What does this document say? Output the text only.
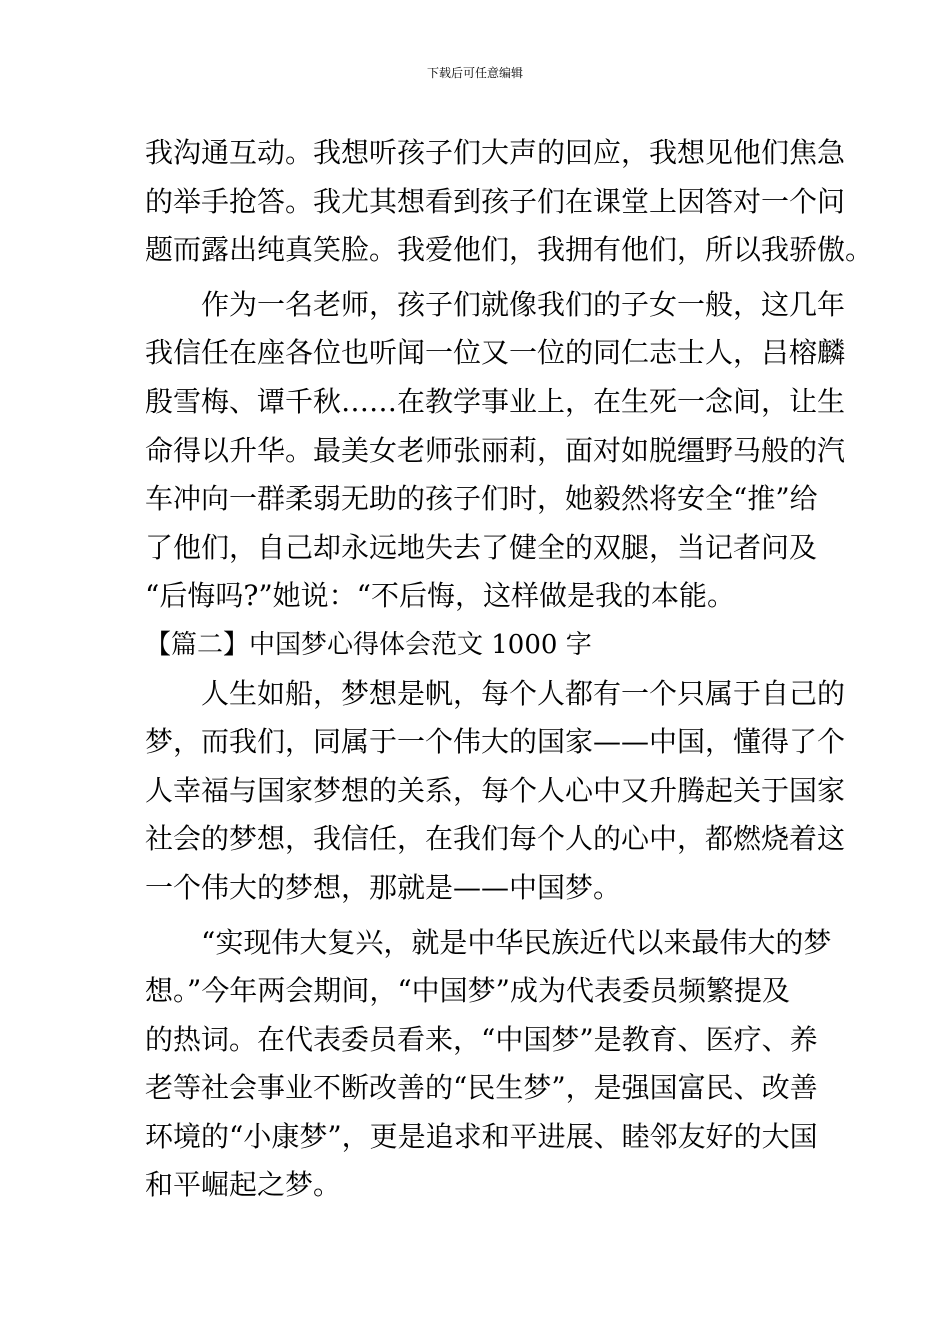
下载后可任意编辑
我沟通互动。我想听孩子们大声的回应，我想见他们焦急
的举手抢答。我尤其想看到孩子们在课堂上因答对一个问
题而露出纯真笑脸。我爱他们，我拥有他们，所以我骄傲。
作为一名老师，孩子们就像我们的子女一般，这几年
我信任在座各位也听闻一位又一位的同仁志士人，吕榕麟
殷雪梅、谭千秋……在教学事业上，在生死一念间，让生
命得以升华。最美女老师张丽莉，面对如脱缰野马般的汽
车冲向一群柔弱无助的孩子们时，她毅然将安全“推”给
了他们，自己却永远地失去了健全的双腿，当记者问及
“后悔吗?”她说：“不后悔，这样做是我的本能。
【篇二】中国梦心得体会范文 1000 字
人生如船，梦想是帆，每个人都有一个只属于自己的
梦，而我们，同属于一个伟大的国家——中国，懂得了个
人幸福与国家梦想的关系，每个人心中又升腾起关于国家
社会的梦想，我信任，在我们每个人的心中，都燃烧着这
一个伟大的梦想，那就是——中国梦。
“实现伟大复兴，就是中华民族近代以来最伟大的梦
想。”今年两会期间，“中国梦”成为代表委员频繁提及
的热词。在代表委员看来，“中国梦”是教育、医疗、养
老等社会事业不断改善的“民生梦”，是强国富民、改善
环境的“小康梦”，更是追求和平进展、睦邻友好的大国
和平崛起之梦。
